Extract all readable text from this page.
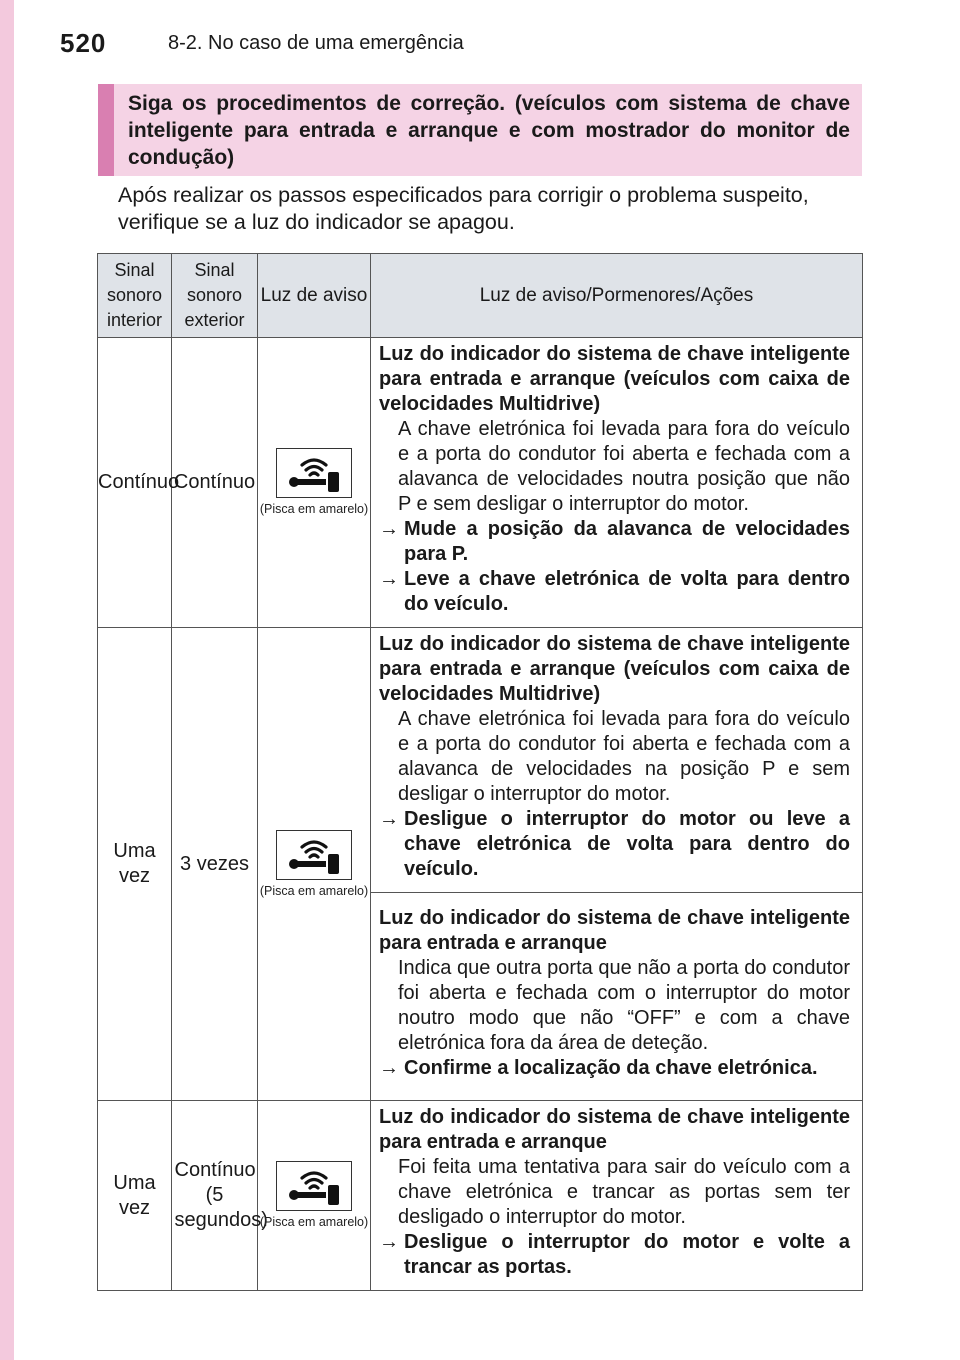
520	8-2. No caso de uma emergência
Siga os procedimentos de correção. (veículos com sistema de chave inteligente para entrada e arranque e com mostrador do monitor de condução)

Após realizar os passos especificados para corrigir o problema suspeito, verifique se a luz do indicador se apagou.

Sinal sonoro interior	Sinal sonoro exterior	Luz de aviso	Luz de aviso/Pormenores/Ações
Contínuo	Contínuo	(Pisca em amarelo)	Luz do indicador do sistema de chave inteligente para entrada e arranque (veículos com caixa de velocidades Multidrive)
A chave eletrónica foi levada para fora do veículo e a porta do condutor foi aberta e fechada com a alavanca de velocidades noutra posição que não P e sem desligar o interruptor do motor.
→ Mude a posição da alavanca de velocidades para P.
→ Leve a chave eletrónica de volta para dentro do veículo.

Uma vez	3 vezes	(Pisca em amarelo)	Luz do indicador do sistema de chave inteligente para entrada e arranque (veículos com caixa de velocidades Multidrive)
A chave eletrónica foi levada para fora do veículo e a porta do condutor foi aberta e fechada com a alavanca de velocidades na posição P e sem desligar o interruptor do motor.
→ Desligue o interruptor do motor ou leve a chave eletrónica de volta para dentro do veículo.

			Luz do indicador do sistema de chave inteligente para entrada e arranque
Indica que outra porta que não a porta do condutor foi aberta e fechada com o interruptor do motor noutro modo que não “OFF” e com a chave eletrónica fora da área de deteção.
→ Confirme a localização da chave eletrónica.

Uma vez	Contínuo (5 segundos)	(Pisca em amarelo)	Luz do indicador do sistema de chave inteligente para entrada e arranque
Foi feita uma tentativa para sair do veículo com a chave eletrónica e trancar as portas sem ter desligado o interruptor do motor.
→ Desligue o interruptor do motor e volte a trancar as portas.
